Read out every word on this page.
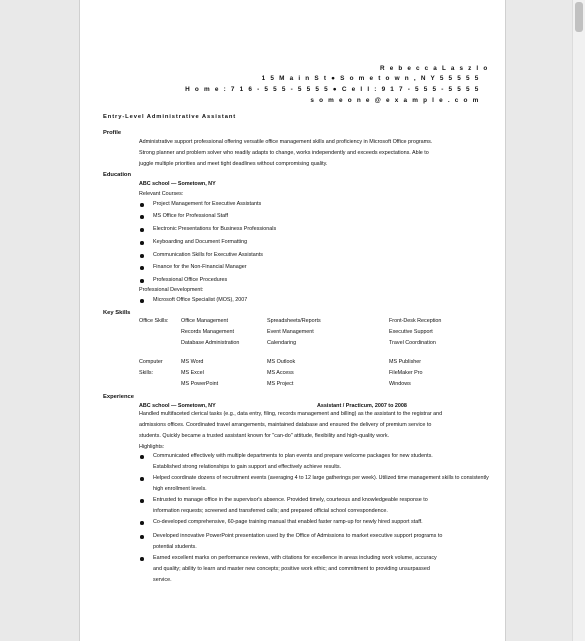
R e b e c c a L a s z l o
1 5 M a i n S t ● S o m e t o w n , N Y 5 5 5 5 5
H o m e : 7 1 6 - 5 5 5 - 5 5 5 5 ● C e l l : 9 1 7 - 5 5 5 - 5 5 5 5
s o m e o n e @ e x a m p l e . c o m
Entry-Level Administrative Assistant
Profile
Administrative support professional offering versatile office management skills and proficiency in Microsoft Office programs.
Strong planner and problem solver who readily adapts to change, works independently and exceeds expectations. Able to
juggle multiple priorities and meet tight deadlines without compromising quality.
Education
ABC school — Sometown, NY
Relevant Courses:
Project Management for Executive Assistants
MS Office for Professional Staff
Electronic Presentations for Business Professionals
Keyboarding and Document Formatting
Communication Skills for Executive Assistants
Finance for the Non-Financial Manager
Professional Office Procedures
Professional Development:
Microsoft Office Specialist (MOS), 2007
Key Skills
Office Skills: Office Management	Spreadsheets/Reports	Front-Desk Reception
Records Management	Event Management	Executive Support
Database Administration	Calendaring	Travel Coordination
Computer
Skills:
MS Word	MS Outlook	MS Publisher
MS Excel	MS Access	FileMaker Pro
MS PowerPoint	MS Project	Windows
Experience
ABC school — Sometown, NY	Assistant / Practicum, 2007 to 2008
Handled multifaceted clerical tasks (e.g., data entry, filing, records management and billing) as the assistant to the registrar and
admissions offices. Coordinated travel arrangements, maintained database and ensured the delivery of premium service to
students. Quickly became a trusted assistant known for "can-do" attitude, flexibility and high-quality work.
Highlights:
Communicated effectively with multiple departments to plan events and prepare welcome packages for new students.
Established strong relationships to gain support and effectively achieve results.
Helped coordinate dozens of recruitment events (averaging 4 to 12 large gatherings per week). Utilized time management skills to consistently
high enrollment levels.
Entrusted to manage office in the supervisor's absence. Provided timely, courteous and knowledgeable response to
information requests; screened and transferred calls; and prepared official school correspondence.
Co-developed comprehensive, 60-page training manual that enabled faster ramp-up for newly hired support staff.
Developed innovative PowerPoint presentation used by the Office of Admissions to market executive support programs to
potential students.
Earned excellent marks on performance reviews, with citations for excellence in areas including work volume, accuracy
and quality; ability to learn and master new concepts; positive work ethic; and commitment to providing unsurpassed
service.
